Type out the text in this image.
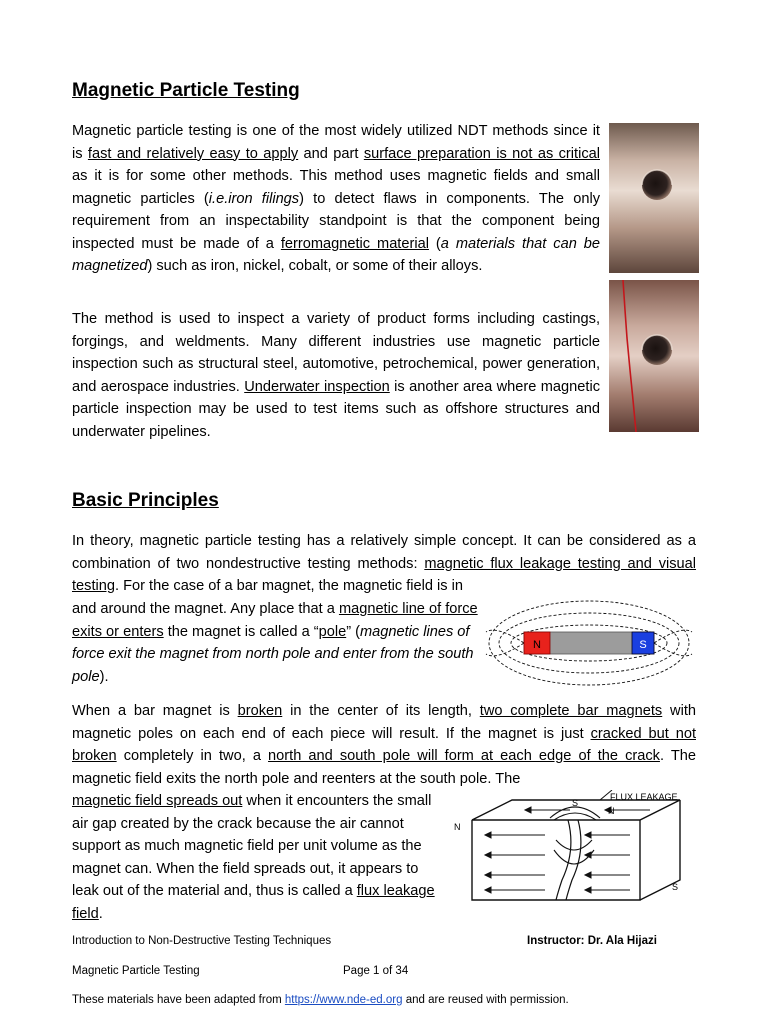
Magnetic Particle Testing

Magnetic particle testing is one of the most widely utilized NDT methods since it is fast and relatively easy to apply and part surface preparation is not as critical as it is for some other methods. This method uses magnetic fields and small magnetic particles (i.e.iron filings) to detect flaws in components. The only requirement from an inspectability standpoint is that the component being inspected must be made of a ferromagnetic material (a materials that can be magnetized) such as iron, nickel, cobalt, or some of their alloys.

The method is used to inspect a variety of product forms including castings, forgings, and weldments. Many different industries use magnetic particle inspection such as structural steel, automotive, petrochemical, power generation, and aerospace industries. Underwater inspection is another area where magnetic particle inspection may be used to test items such as offshore structures and underwater pipelines.

Basic Principles

In theory, magnetic particle testing has a relatively simple concept. It can be considered as a combination of two nondestructive testing methods: magnetic flux leakage testing and visual testing. For the case of a bar magnet, the magnetic field is in

and around the magnet. Any place that a magnetic line of force exits or enters the magnet is called a “pole” (magnetic lines of force exit the magnet from north pole and enter from the south pole).

N	S

When a bar magnet is broken in the center of its length, two complete bar magnets with magnetic poles on each end of each piece will result. If the magnet is just cracked but not broken completely in two, a north and south pole will form at each edge of the crack. The magnetic field exits the north pole and reenters at the south pole. The

magnetic field spreads out when it encounters the small air gap created by the crack because the air cannot support as much magnetic field per unit volume as the magnet can. When the field spreads out, it appears to leak out of the material and, thus is called a flux leakage field.

S
N
FLUX LEAKAGE
N
S

Introduction to Non-Destructive Testing Techniques	Instructor: Dr. Ala Hijazi

Magnetic Particle Testing	Page 1 of 34

These materials have been adapted from https://www.nde-ed.org and are reused with permission.
